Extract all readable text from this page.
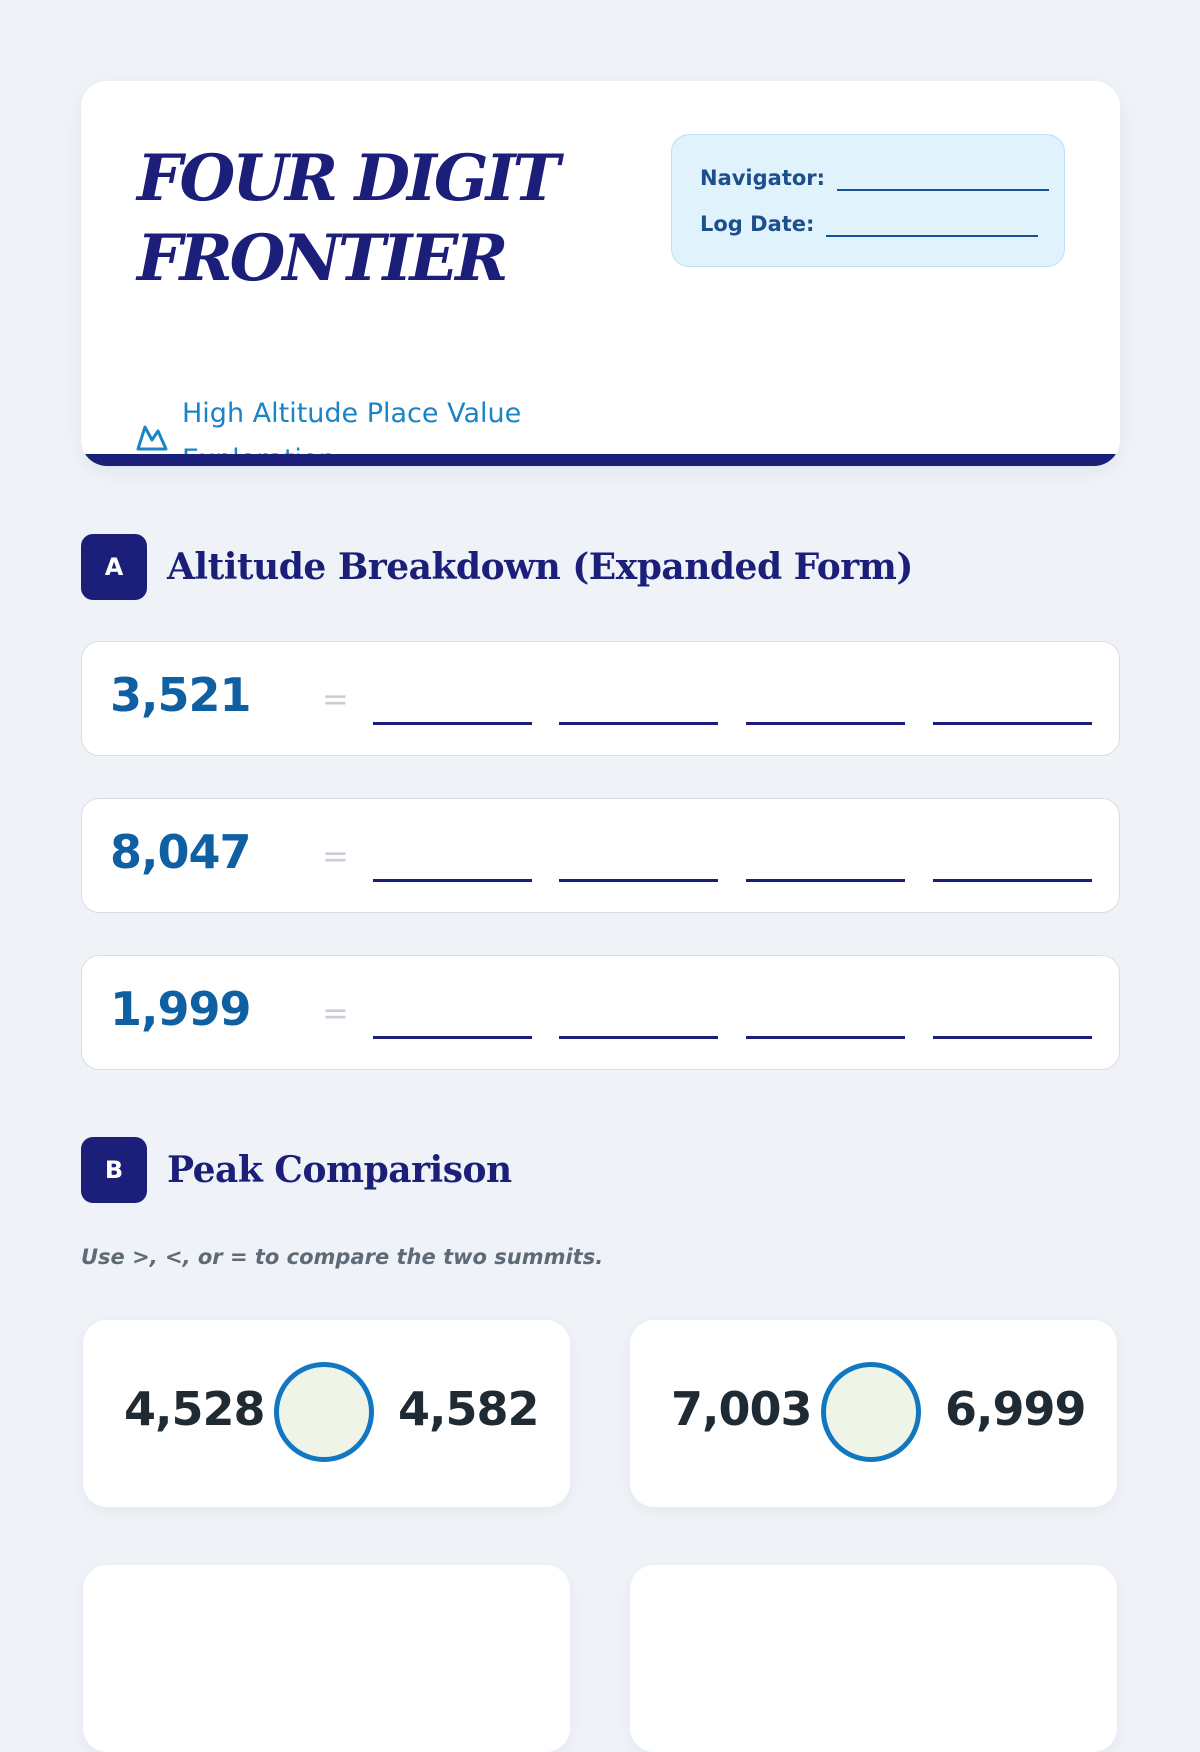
FOUR DIGIT FRONTIER
High Altitude Place Value
Navigator:
Log Date:
A	Altitude Breakdown (Expanded Form)
3,521 =
8,047 =
1,999 =
B	Peak Comparison
Use >, <, or = to compare the two summits.
4,528	4,582	7,003	6,999
